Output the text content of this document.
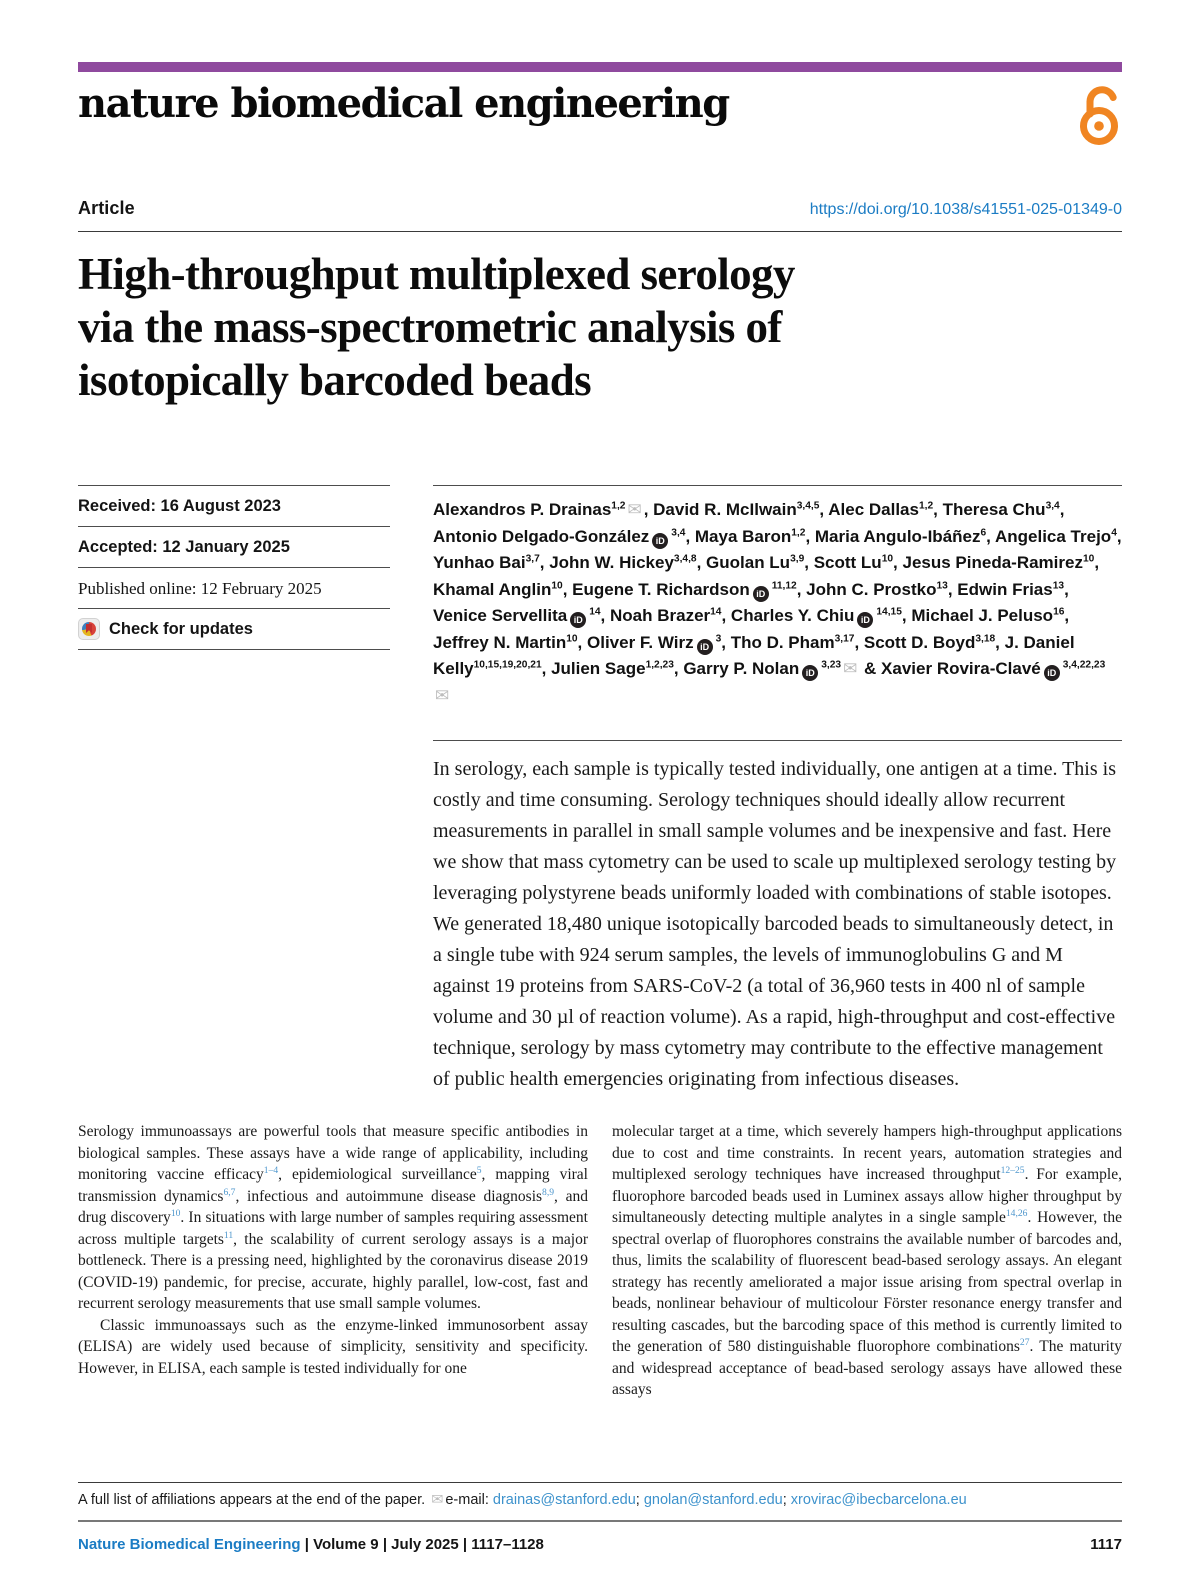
nature biomedical engineering
Article	https://doi.org/10.1038/s41551-025-01349-0
High-throughput multiplexed serology
via the mass-spectrometric analysis of
isotopically barcoded beads
Received: 16 August 2023
Accepted: 12 January 2025
Published online: 12 February 2025
Check for updates
Alexandros P. Drainas$^{1,2}$ ✉ , David R. McIlwain$^{3,4,5}$, Alec Dallas$^{1,2}$, Theresa Chu$^{3,4}$, Antonio Delgado-González iD$^{3,4}$, Maya Baron$^{1,2}$, Maria Angulo-Ibáñez$^6$, Angelica Trejo$^4$, Yunhao Bai$^{3,7}$, John W. Hickey$^{3,4,8}$, Guolan Lu$^{3,9}$, Scott Lu$^{10}$, Jesus Pineda-Ramirez$^{10}$, Khamal Anglin$^{10}$, Eugene T. Richardson iD$^{11,12}$, John C. Prostko$^{13}$, Edwin Frias$^{13}$, Venice Servellita $iD^{14}$, Noah Brazer$^{14}$, Charles Y. Chiu iD$^{14,15}$, Michael J. Peluso$^{16}$, Jeffrey N. Martin$^{10}$, Oliver F. Wirz $iD^3$, Tho D. Pham$^{3,17}$, Scott D. Boyd$^{3,18}$, J. Daniel Kelly$^{10,15,19,20,21}$, Julien Sage$^{1,2,23}$, Garry P. Nolan iD$^{3,23}$ ✉ & Xavier Rovira-Clavé iD$^{3,4,22,23}$✉
In serology, each sample is typically tested individually, one antigen at a time. This is costly and time consuming. Serology techniques should ideally allow recurrent measurements in parallel in small sample volumes and be inexpensive and fast. Here we show that mass cytometry can be used to scale up multiplexed serology testing by leveraging polystyrene beads uniformly loaded with combinations of stable isotopes. We generated 18,480 unique isotopically barcoded beads to simultaneously detect, in a single tube with 924 serum samples, the levels of immunoglobulins G and M against 19 proteins from SARS-CoV-2 (a total of 36,960 tests in 400 nl of sample volume and 30 µl of reaction volume). As a rapid, high-throughput and cost-effective technique, serology by mass cytometry may contribute to the effective management of public health emergencies originating from infectious diseases.

Serology immunoassays are powerful tools that measure specific antibodies in biological samples. These assays have a wide range of applicability, including monitoring vaccine efficacy$^{1-4}$, epidemiological surveillance$^5$, mapping viral transmission dynamics$^{6,7}$, infectious and autoimmune disease diagnosis$^{8,9}$, and drug discovery$^{10}$. In situations with large number of samples requiring assessment across multiple targets$^{11}$, the scalability of current serology assays is a major bottleneck. There is a pressing need, highlighted by the coronavirus disease 2019 (COVID-19) pandemic, for precise, accurate, highly parallel, low-cost, fast and recurrent serology measurements that use small sample volumes.

Classic immunoassays such as the enzyme-linked immunosorbent assay (ELISA) are widely used because of simplicity, sensitivity and specificity. However, in ELISA, each sample is tested individually for one

molecular target at a time, which severely hampers high-throughput applications due to cost and time constraints. In recent years, automation strategies and multiplexed serology techniques have increased throughput$^{12-25}$. For example, fluorophore barcoded beads used in Luminex assays allow higher throughput by simultaneously detecting multiple analytes in a single sample$^{14,26}$. However, the spectral overlap of fluorophores constrains the available number of barcodes and, thus, limits the scalability of fluorescent bead-based serology assays. An elegant strategy has recently ameliorated a major issue arising from spectral overlap in beads, nonlinear behaviour of multicolour Förster resonance energy transfer and resulting cascades, but the barcoding space of this method is currently limited to the generation of 580 distinguishable fluorophore combinations$^{27}$. The maturity and widespread acceptance of bead-based serology assays have allowed these assays

A full list of affiliations appears at the end of the paper. ✉ e-mail: drainas@stanford.edu; gnolan@stanford.edu; xrovirac@ibecbarcelona.eu
Nature Biomedical Engineering | Volume 9 | July 2025 | 1117–1128	1117
